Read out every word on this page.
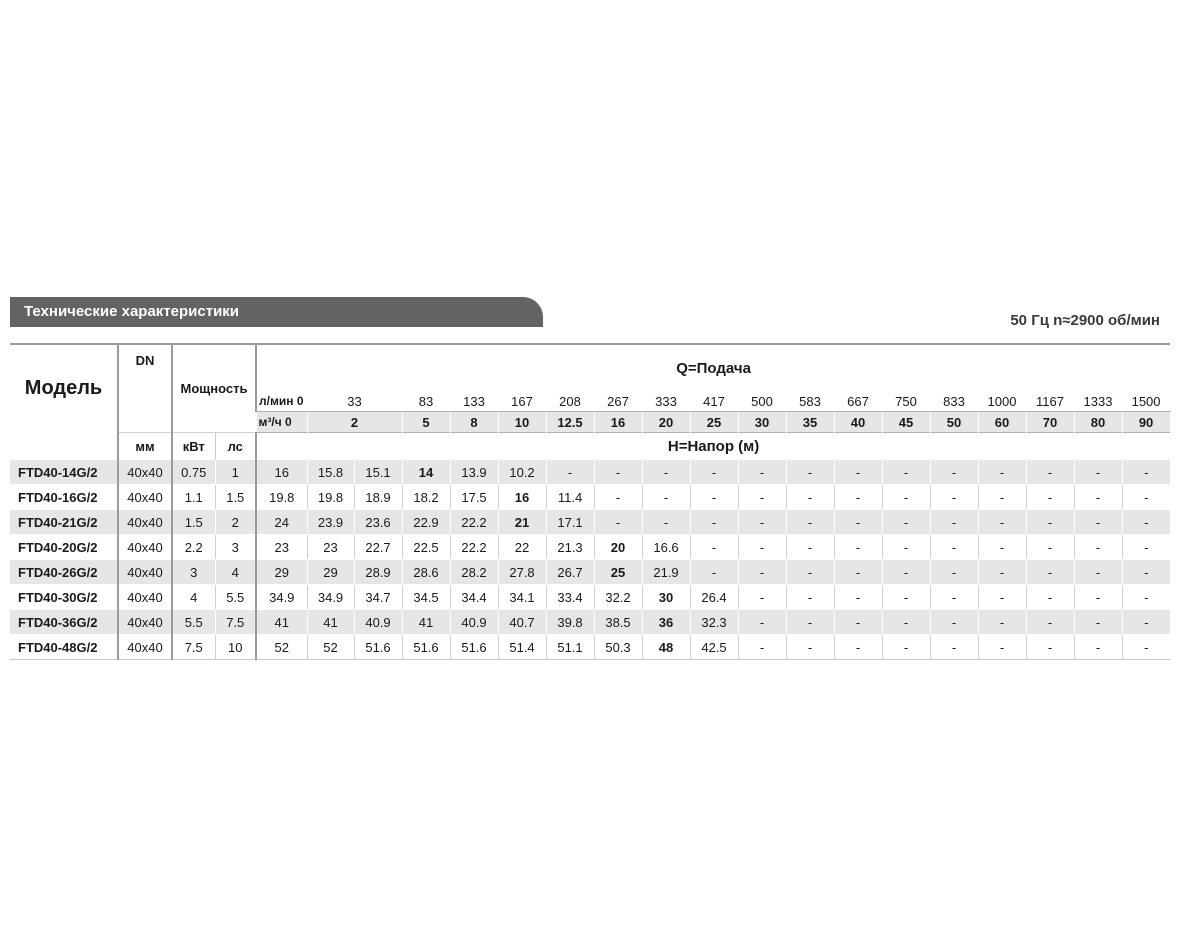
Технические характеристики
50 Гц n≈2900 об/мин
Модель	DN	Мощность		Q=Подача																			
				л/мин 0	33		83	133	167	208	267	333	417	500	583	667	750	833	1000	1167	1333	1500	
				м³/ч 0	2		5	8	10	12.5	16	20	25	30	35	40	45	50	60	70	80	90	
	мм	кВт	лс	H=Напор (м)																			
FTD40-14G/2	40x40	0.75	1	16	15.8	15.1	14	13.9	10.2	-	-	-	-	-	-	-	-	-	-	-	-	-	
FTD40-16G/2	40x40	1.1	1.5	19.8	19.8	18.9	18.2	17.5	16	11.4	-	-	-	-	-	-	-	-	-	-	-	-	
FTD40-21G/2	40x40	1.5	2	24	23.9	23.6	22.9	22.2	21	17.1	-	-	-	-	-	-	-	-	-	-	-	-	
FTD40-20G/2	40x40	2.2	3	23	23	22.7	22.5	22.2	22	21.3	20	16.6	-	-	-	-	-	-	-	-	-	-	
FTD40-26G/2	40x40	3	4	29	29	28.9	28.6	28.2	27.8	26.7	25	21.9	-	-	-	-	-	-	-	-	-	-	
FTD40-30G/2	40x40	4	5.5	34.9	34.9	34.7	34.5	34.4	34.1	33.4	32.2	30	26.4	-	-	-	-	-	-	-	-	-	
FTD40-36G/2	40x40	5.5	7.5	41	41	40.9	41	40.9	40.7	39.8	38.5	36	32.3	-	-	-	-	-	-	-	-	-	
FTD40-48G/2	40x40	7.5	10	52	52	51.6	51.6	51.6	51.4	51.1	50.3	48	42.5	-	-	-	-	-	-	-	-	-	
